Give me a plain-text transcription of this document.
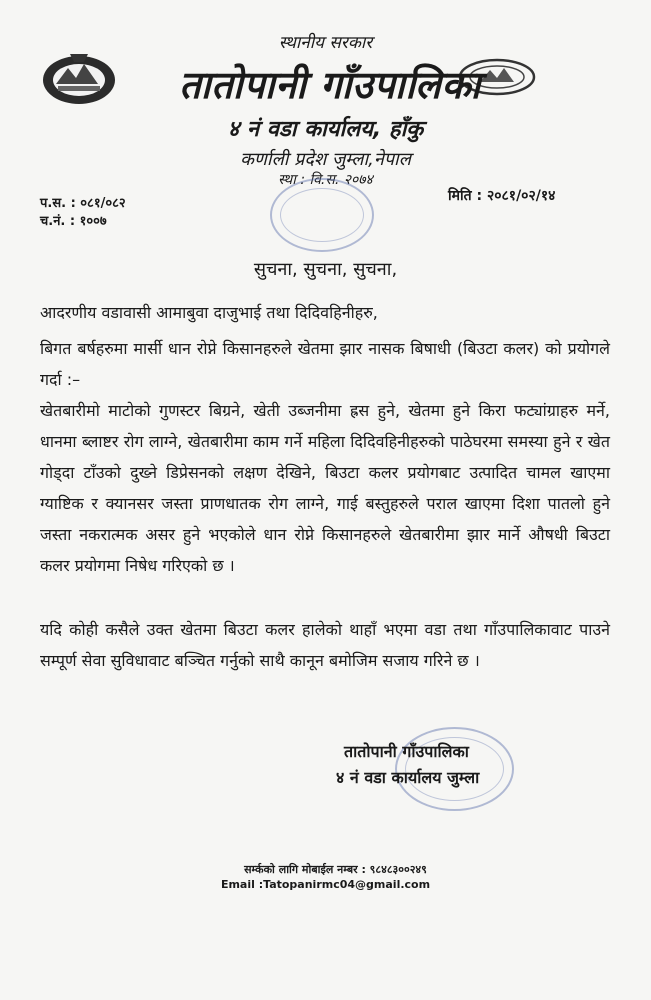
स्थानीय सरकार
तातोपानी गाँउपालिका
४ नं वडा कार्यालय, हाँकु
कर्णाली प्रदेश जुम्ला,नेपाल
स्था : वि.स. २०७४
प.स. : ०८१/०८२
च.नं. : १००७
मिति : २०८१/०२/१४
सुचना, सुचना, सुचना,
आदरणीय वडावासी आमाबुवा दाजुभाई तथा दिदिवहिनीहरु,
बिगत बर्षहरुमा मार्सी धान रोप्ने किसानहरुले खेतमा झार नासक बिषाधी (बिउटा कलर) को प्रयोगले गर्दा :–
खेतबारीमो माटोको गुणस्टर बिग्रने, खेती उब्जनीमा ह्रस हुने, खेतमा हुने किरा फट्यांग्राहरु मर्ने, धानमा ब्लाष्टर रोग लाग्ने, खेतबारीमा काम गर्ने महिला दिदिवहिनीहरुको पाठेघरमा समस्या हुने र खेत गोड्दा टाँउको दुख्ने डिप्रेसनको लक्षण देखिने, बिउटा कलर प्रयोगबाट उत्पादित चामल खाएमा ग्याष्टिक र क्यानसर जस्ता प्राणधातक रोग लाग्ने, गाई बस्तुहरुले पराल खाएमा दिशा पातलो हुने जस्ता नकरात्मक असर हुने भएकोले धान रोप्ने किसानहरुले खेतबारीमा झार मार्ने औषधी बिउटा कलर प्रयोगमा निषेध गरिएको छ ।
यदि कोही कसैले उक्त खेतमा बिउटा कलर हालेको थाहाँ भएमा वडा तथा गाँउपालिकावाट पाउने सम्पूर्ण सेवा सुविधावाट बञ्चित गर्नुको साथै कानून बमोजिम सजाय गरिने छ ।
तातोपानी गाँउपालिका
४ नं वडा कार्यालय जुम्ला
सर्म्कको लागि मोबाईल नम्बर : ९८४८३००२४९
Email :Tatopanirmc04@gmail.com
